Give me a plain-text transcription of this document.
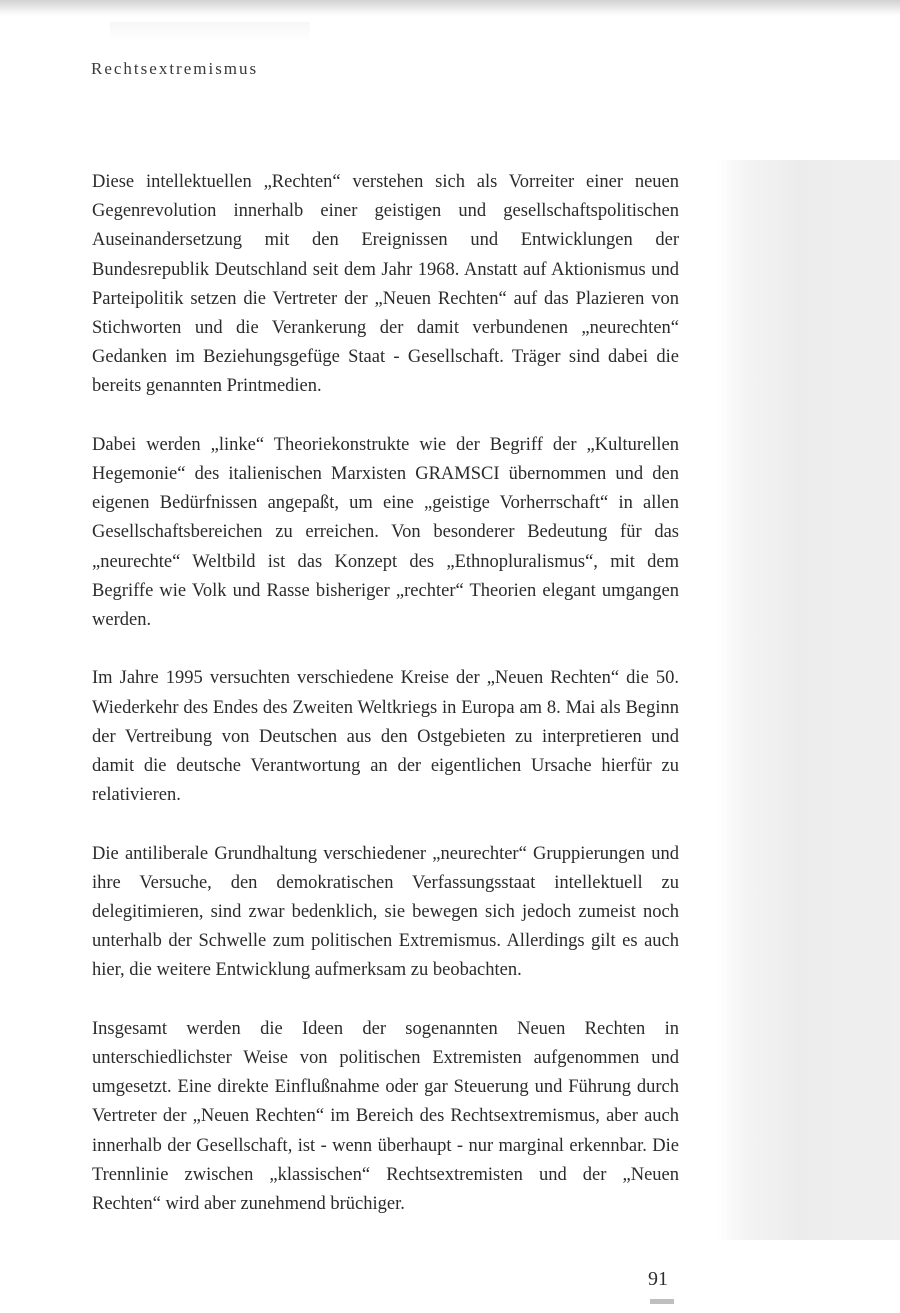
Rechtsextremismus

Diese intellektuellen „Rechten“ verstehen sich als Vorreiter einer neuen Gegenrevolution innerhalb einer geistigen und gesellschaftspolitischen Auseinandersetzung mit den Ereignissen und Entwicklungen der Bundesrepublik Deutschland seit dem Jahr 1968. Anstatt auf Aktionismus und Parteipolitik setzen die Vertreter der „Neuen Rechten“ auf das Plazieren von Stichworten und die Verankerung der damit verbundenen „neurechten“ Gedanken im Beziehungsgefüge Staat - Gesellschaft. Träger sind dabei die bereits genannten Printmedien.

Dabei werden „linke“ Theoriekonstrukte wie der Begriff der „Kulturellen Hegemonie“ des italienischen Marxisten GRAMSCI übernommen und den eigenen Bedürfnissen angepaßt, um eine „geistige Vorherrschaft“ in allen Gesellschaftsbereichen zu erreichen. Von besonderer Bedeutung für das „neurechte“ Weltbild ist das Konzept des „Ethnopluralismus“, mit dem Begriffe wie Volk und Rasse bisheriger „rechter“ Theorien elegant umgangen werden.

Im Jahre 1995 versuchten verschiedene Kreise der „Neuen Rechten“ die 50. Wiederkehr des Endes des Zweiten Weltkriegs in Europa am 8. Mai als Beginn der Vertreibung von Deutschen aus den Ostgebieten zu interpretieren und damit die deutsche Verantwortung an der eigentlichen Ursache hierfür zu relativieren.

Die antiliberale Grundhaltung verschiedener „neurechter“ Gruppierungen und ihre Versuche, den demokratischen Verfassungsstaat intellektuell zu delegitimieren, sind zwar bedenklich, sie bewegen sich jedoch zumeist noch unterhalb der Schwelle zum politischen Extremismus. Allerdings gilt es auch hier, die weitere Entwicklung aufmerksam zu beobachten.

Insgesamt werden die Ideen der sogenannten Neuen Rechten in unterschiedlichster Weise von politischen Extremisten aufgenommen und umgesetzt. Eine direkte Einflußnahme oder gar Steuerung und Führung durch Vertreter der „Neuen Rechten“ im Bereich des Rechtsextremismus, aber auch innerhalb der Gesellschaft, ist - wenn überhaupt - nur marginal erkennbar. Die Trennlinie zwischen „klassischen“ Rechtsextremisten und der „Neuen Rechten“ wird aber zunehmend brüchiger.

91
